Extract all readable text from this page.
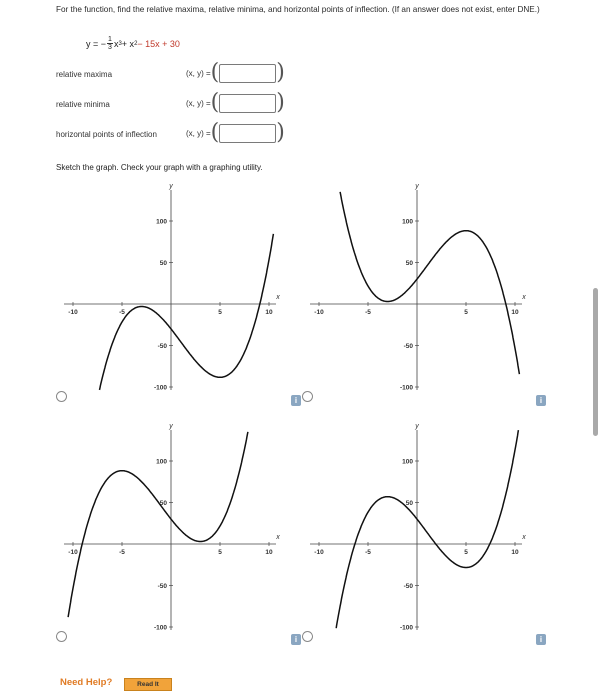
For the function, find the relative maxima, relative minima, and horizontal points of inflection. (If an answer does not exist, enter DNE.)
y =
− $\frac{1}{3}$ x 3 + x 2 − 15x + 30
relative maxima	(x, y) = (	)
relative minima	(x, y) = (	)
horizontal points of inflection	(x, y) = (	)
Sketch the graph. Check your graph with a graphing utility.
x
y
-10	-5	5	10
100
50
-50
-100
x
y
-10	-5	5	10
100
50
-50
-100
x
y
-10	-5	5	10
100
50
-50
-100
x
y
-10	-5	5	10
100
50
-50
-100
i	i
i	i
Need Help?	Read It
